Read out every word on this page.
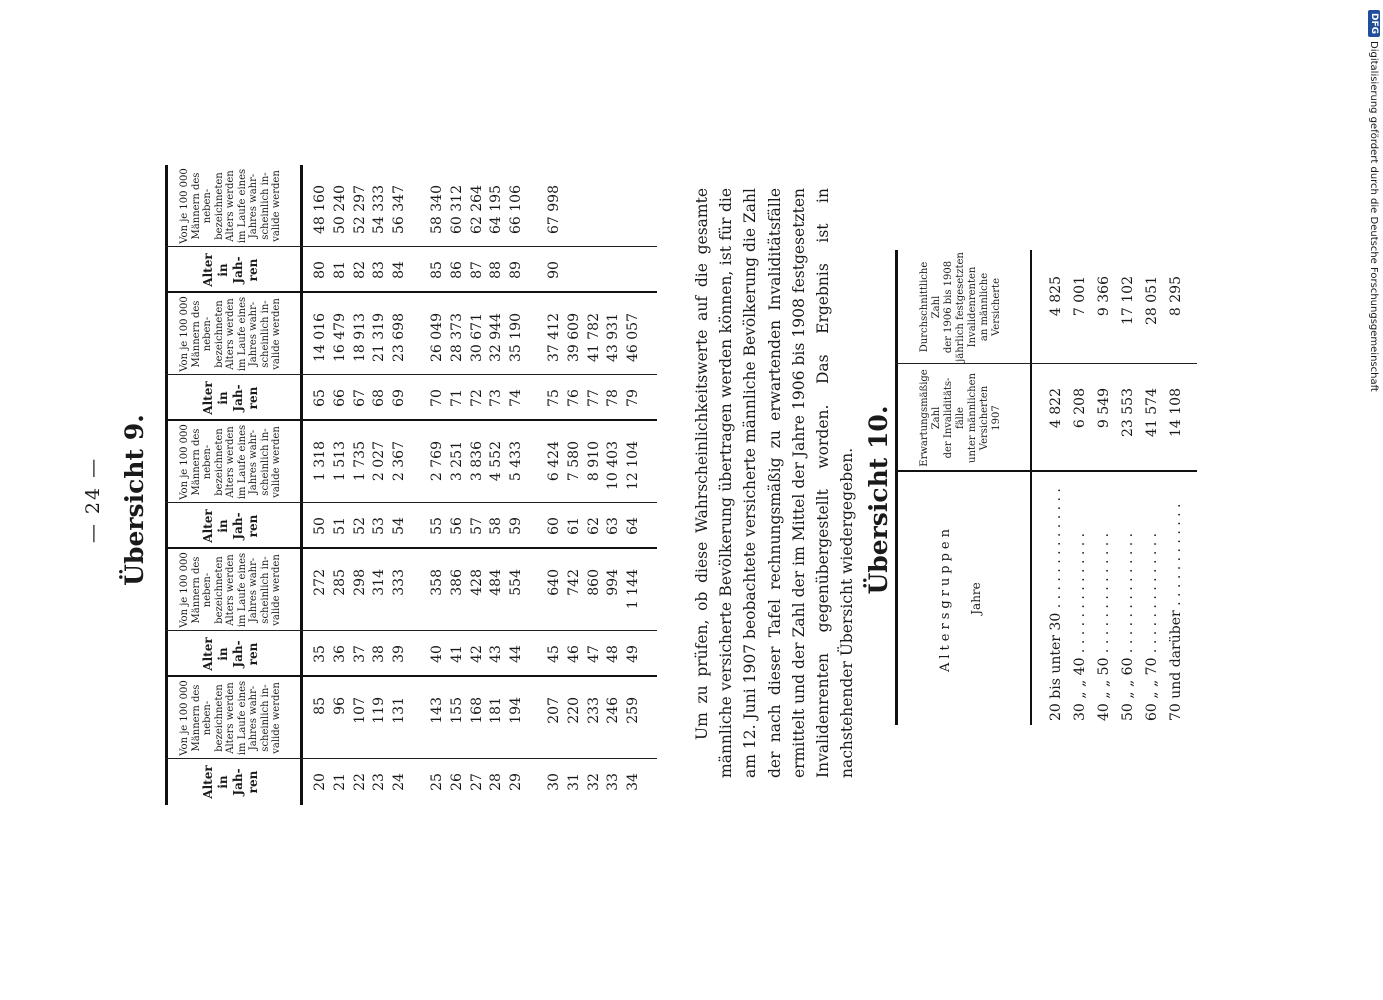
— 24 — Übersicht 9.
Alter in Jah- ren
Von je 100 000 Männern des neben- bezeichneten Alters werden im Laufe eines Jahres wahr- scheinlich in- valide werden
Alter in Jah- ren
Von je 100 000 Männern des neben- bezeichneten Alters werden im Laufe eines Jahres wahr- scheinlich in- valide werden
Alter in Jah- ren
Von je 100 000 Männern des neben- bezeichneten Alters werden im Laufe eines Jahres wahr- scheinlich in- valide werden
Alter in Jah- ren
Von je 100 000 Männern des neben- bezeichneten Alters werden im Laufe eines Jahres wahr- scheinlich in- valide werden
Alter in Jah- ren
Von je 100 000 Männern des neben- bezeichneten Alters werden im Laufe eines Jahres wahr- scheinlich in- valide werden
20
85
35
272
50
1 318
65
14 016
80
48 160
21
96
36
285
51
1 513
66
16 479
81
50 240
22
107
37
298
52
1 735
67
18 913
82
52 297
23
119
38
314
53
2 027
68
21 319
83
54 333
24
131
39
333
54
2 367
69
23 698
84
56 347
25
143
40
358
55
2 769
70
26 049
85
58 340
26
155
41
386
56
3 251
71
28 373
86
60 312
27
168
42
428
57
3 836
72
30 671
87
62 264
28
181
43
484
58
4 552
73
32 944
88
64 195
29
194
44
554
59
5 433
74
35 190
89
66 106
30
207
45
640
60
6 424
75
37 412
90
67 998
31
220
46
742
61
7 580
76
39 609
32
233
47
860
62
8 910
77
41 782
33
246
48
994
63
10 403
78
43 931
34
259
49
1 144
64
12 104
79
46 057	Um zu prüfen, ob diese Wahrscheinlichkeitswerte auf die gesamte männliche versicherte Bevölkerung übertragen werden können, ist für die am 12. Juni 1907 beobachtete versicherte männliche Bevölkerung die Zahl der nach dieser Tafel rechnungsmäßig zu erwartenden Invaliditätsfälle ermittelt und der Zahl der im Mittel der Jahre 1906 bis 1908 festgesetzten Invalidenrenten gegenübergestellt worden. Das Ergebnis ist in nachstehender Übersicht wiedergegeben. Übersicht 10.
Altersgruppen Jahre
Erwartungsmäßige Zahl der Invaliditäts- fälle unter männlichen Versicherten 1907
Durchschnittliche Zahl der 1906 bis 1908 jährlich festgesetzten Invalidenrenten an männliche Versicherte
20 bis unter 30 . . . . . . . . . . . . . .
4 822
4 825
30 „ „ 40 . . . . . . . . . . . . . .
6 208
7 001
40 „ „ 50 . . . . . . . . . . . . . .
9 549
9 366
50 „ „ 60 . . . . . . . . . . . . . .
23 553
17 102
60 „ „ 70 . . . . . . . . . . . . . .
41 574
28 051
70 und darüber . . . . . . . . . . . .
14 108
8 295
DFG
Digitalisierung gefördert durch die Deutsche Forschungsgemeinschaft
